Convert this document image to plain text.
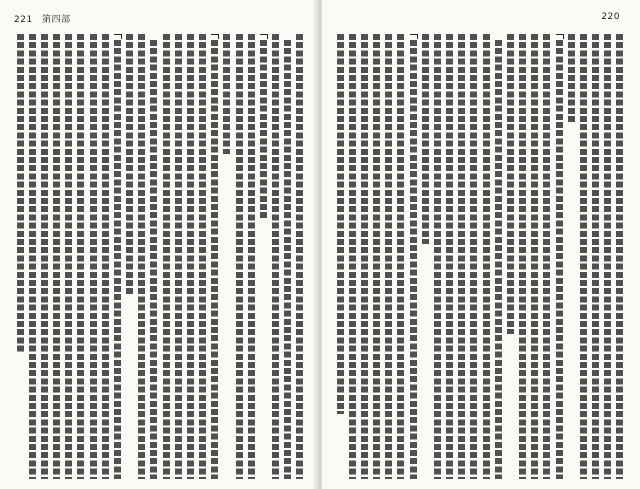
221 第四部	220
